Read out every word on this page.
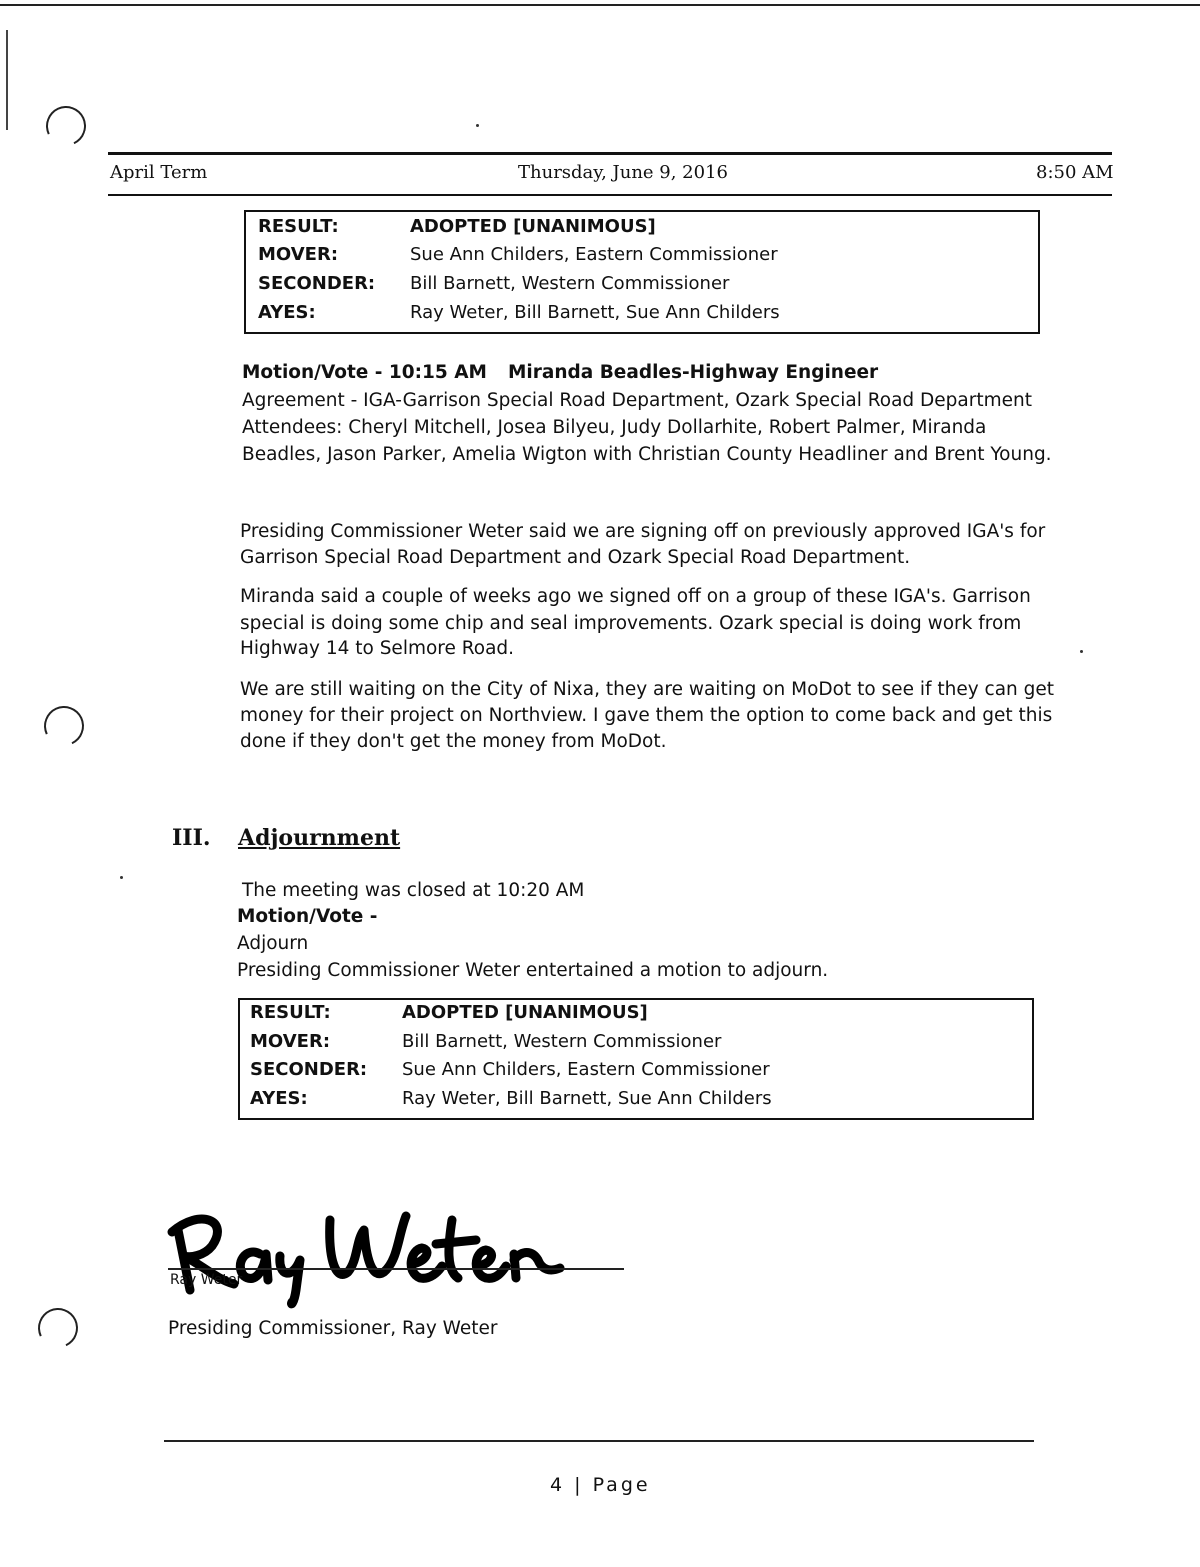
April Term	Thursday, June 9, 2016	8:50 AM
RESULT:	ADOPTED [UNANIMOUS]
MOVER:	Sue Ann Childers, Eastern Commissioner
SECONDER: Bill Barnett, Western Commissioner
AYES:	Ray Weter, Bill Barnett, Sue Ann Childers
Motion/Vote - 10:15 AM Miranda Beadles-Highway Engineer
Agreement - IGA-Garrison Special Road Department, Ozark Special Road Department
Attendees: Cheryl Mitchell, Josea Bilyeu, Judy Dollarhite, Robert Palmer, Miranda
Beadles, Jason Parker, Amelia Wigton with Christian County Headliner and Brent Young.
Presiding Commissioner Weter said we are signing off on previously approved IGA's for
Garrison Special Road Department and Ozark Special Road Department.
Miranda said a couple of weeks ago we signed off on a group of these IGA's. Garrison
special is doing some chip and seal improvements. Ozark special is doing work from
Highway 14 to Selmore Road.
We are still waiting on the City of Nixa, they are waiting on MoDot to see if they can get
money for their project on Northview. I gave them the option to come back and get this
done if they don't get the money from MoDot.
III. Adjournment
The meeting was closed at 10:20 AM
Motion/Vote -
Adjourn
Presiding Commissioner Weter entertained a motion to adjourn.
RESULT:	ADOPTED [UNANIMOUS]
MOVER:	Bill Barnett, Western Commissioner
SECONDER: Sue Ann Childers, Eastern Commissioner
AYES:	Ray Weter, Bill Barnett, Sue Ann Childers
Ray Weter
Presiding Commissioner, Ray Weter
4 | Page
